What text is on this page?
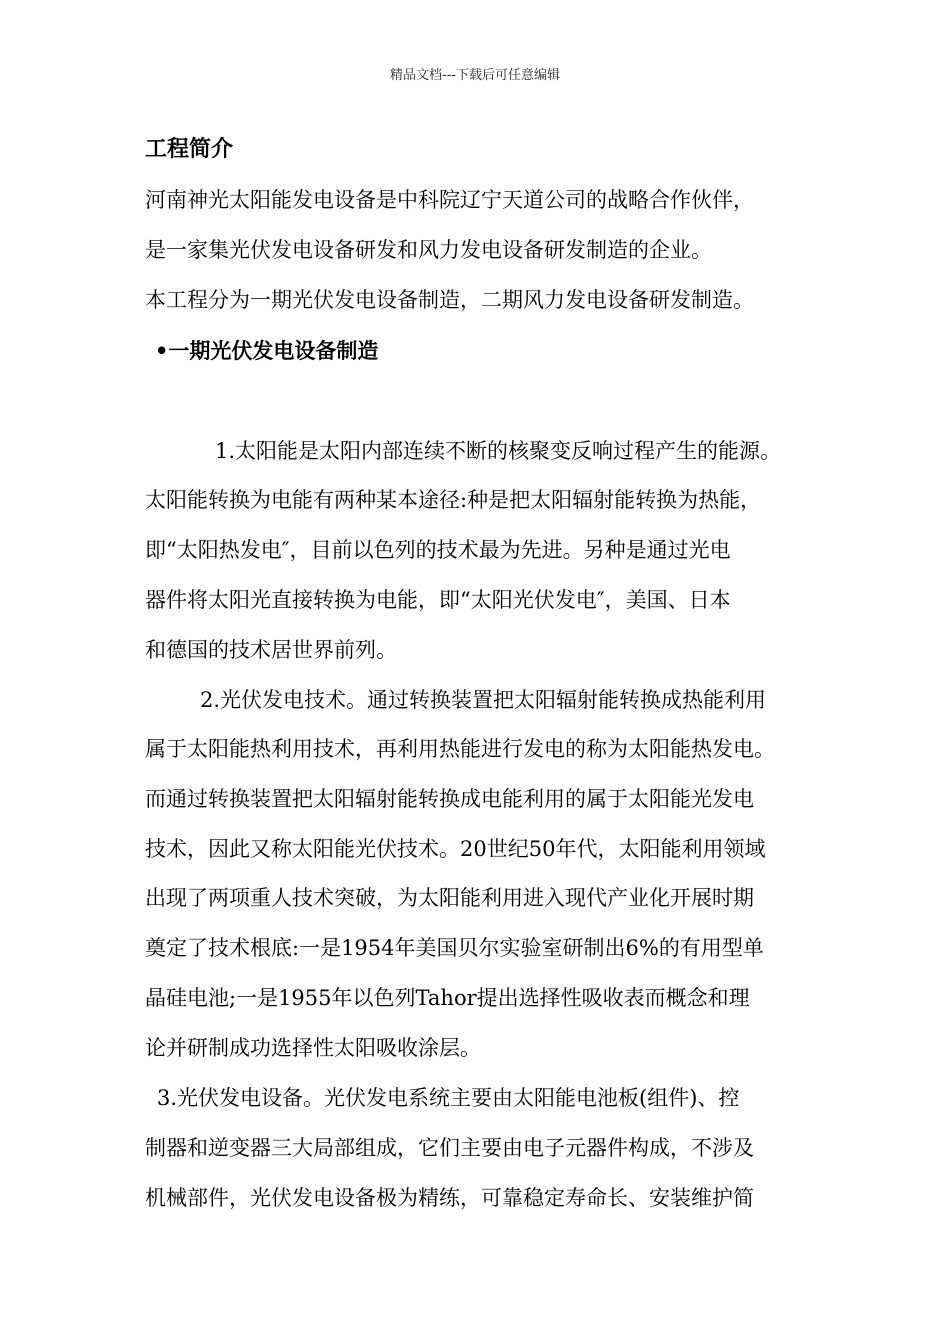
精品文档---下载后可任意编辑
工程简介
河南神光太阳能发电设备是中科院辽宁天道公司的战略合作伙伴，
是一家集光伏发电设备研发和风力发电设备研发制造的企业。
本工程分为一期光伏发电设备制造，二期风力发电设备研发制造。
•一期光伏发电设备制造
1.太阳能是太阳内部连续不断的核聚变反响过程产生的能源。
太阳能转换为电能有两种某本途径:种是把太阳辐射能转换为热能，
即“太阳热发电″，目前以色列的技术最为先进。另种是通过光电
器件将太阳光直接转换为电能，即“太阳光伏发电″，美国、日本
和德国的技术居世界前列。
2.光伏发电技术。通过转换装置把太阳辐射能转换成热能利用
属于太阳能热利用技术，再利用热能进行发电的称为太阳能热发电。
而通过转换装置把太阳辐射能转换成电能利用的属于太阳能光发电
技术，因此又称太阳能光伏技术。20世纪50年代，太阳能利用领域
出现了两项重人技术突破，为太阳能利用进入现代产业化开展时期
奠定了技术根底:一是1954年美国贝尔实验室研制出6%的有用型单
晶硅电池;一是1955年以色列Tahor提出选择性吸收表而概念和理
论并研制成功选择性太阳吸收涂层。
3.光伏发电设备。光伏发电系统主要由太阳能电池板(组件)、控
制器和逆变器三大局部组成，它们主要由电子元器件构成，不涉及
机械部件，光伏发电设备极为精练，可靠稳定寿命长、安装维护简
